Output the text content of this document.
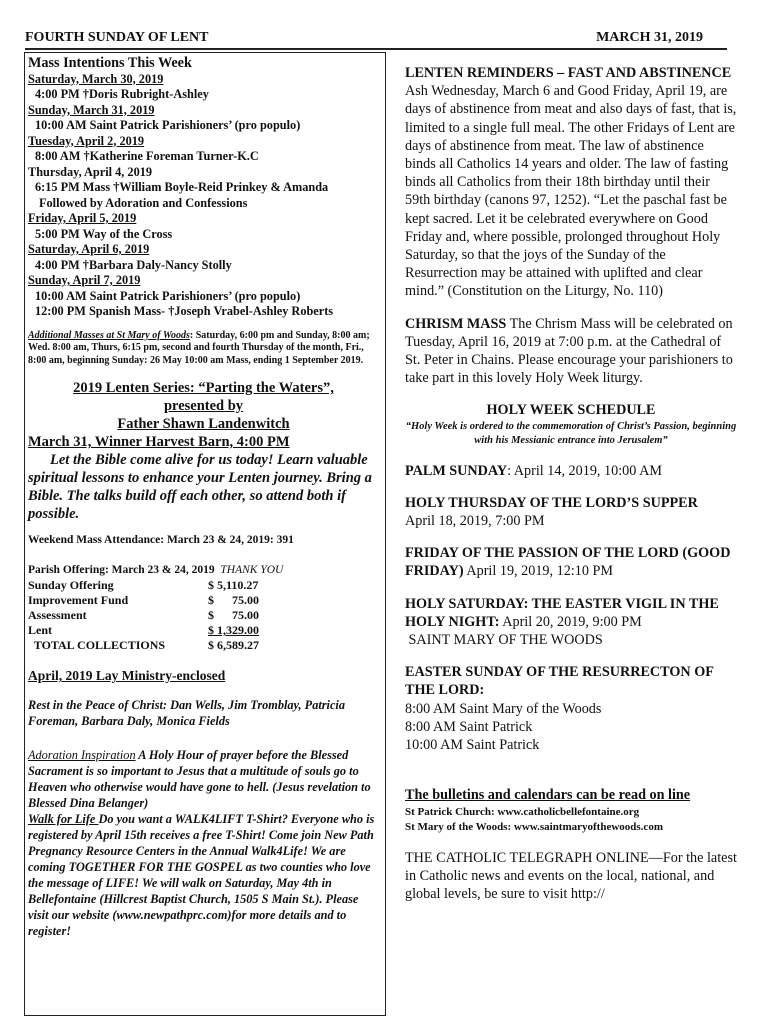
FOURTH SUNDAY OF LENT	MARCH 31, 2019
Mass Intentions This Week
Saturday, March 30, 2019
4:00 PM †Doris Rubright-Ashley
Sunday, March 31, 2019
10:00 AM Saint Patrick Parishioners’ (pro populo)
Tuesday, April 2, 2019
8:00 AM †Katherine Foreman Turner-K.C
Thursday, April 4, 2019
6:15 PM Mass †William Boyle-Reid Prinkey & Amanda
Followed by Adoration and Confessions
Friday, April 5, 2019
5:00 PM Way of the Cross
Saturday, April 6, 2019
4:00 PM †Barbara Daly-Nancy Stolly
Sunday, April 7, 2019
10:00 AM Saint Patrick Parishioners’ (pro populo)
12:00 PM Spanish Mass- †Joseph Vrabel-Ashley Roberts
Additional Masses at St Mary of Woods: Saturday, 6:00 pm and Sunday, 8:00 am; Wed. 8:00 am, Thurs, 6:15 pm, second and fourth Thursday of the month, Fri., 8:00 am, beginning Sunday: 26 May 10:00 am Mass, ending 1 September 2019.
2019 Lenten Series: “Parting the Waters”,
presented by
Father Shawn Landenwitch
March 31, Winner Harvest Barn, 4:00 PM
Let the Bible come alive for us today! Learn valuable spiritual lessons to enhance your Lenten journey. Bring a Bible. The talks build off each other, so attend both if possible.
Weekend Mass Attendance: March 23 & 24, 2019: 391
Parish Offering: March 23 & 24, 2019 THANK YOU
Sunday Offering	$ 5,110.27
Improvement Fund	$      75.00
Assessment	$      75.00
Lent	$ 1,329.00
TOTAL COLLECTIONS	$ 6,589.27
April, 2019 Lay Ministry-enclosed
Rest in the Peace of Christ: Dan Wells, Jim Tromblay, Patricia Foreman, Barbara Daly, Monica Fields
Adoration Inspiration A Holy Hour of prayer before the Blessed Sacrament is so important to Jesus that a multitude of souls go to Heaven who otherwise would have gone to hell. (Jesus revelation to Blessed Dina Belanger)
Walk for Life Do you want a WALK4LIFT T-Shirt? Everyone who is registered by April 15th receives a free T-Shirt! Come join New Path Pregnancy Resource Centers in the Annual Walk4Life! We are coming TOGETHER FOR THE GOSPEL as two counties who love the message of LIFE! We will walk on Saturday, May 4th in Bellefontaine (Hillcrest Baptist Church, 1505 S Main St.). Please visit our website (www.newpathprc.com)for more details and to register!

LENTEN REMINDERS – FAST AND ABSTINENCE Ash Wednesday, March 6 and Good Friday, April 19, are days of abstinence from meat and also days of fast, that is, limited to a single full meal. The other Fridays of Lent are days of abstinence from meat. The law of abstinence binds all Catholics 14 years and older. The law of fasting binds all Catholics from their 18th birthday until their 59th birthday (canons 97, 1252). “Let the paschal fast be kept sacred. Let it be celebrated everywhere on Good Friday and, where possible, prolonged throughout Holy Saturday, so that the joys of the Sunday of the Resurrection may be attained with uplifted and clear mind.” (Constitution on the Liturgy, No. 110)

CHRISM MASS The Chrism Mass will be celebrated on Tuesday, April 16, 2019 at 7:00 p.m. at the Cathedral of St. Peter in Chains. Please encourage your parishioners to take part in this lovely Holy Week liturgy.

HOLY WEEK SCHEDULE
“Holy Week is ordered to the commemoration of Christ’s Passion, beginning with his Messianic entrance into Jerusalem”
PALM SUNDAY: April 14, 2019, 10:00 AM
HOLY THURSDAY OF THE LORD’S SUPPER
April 18, 2019, 7:00 PM
FRIDAY OF THE PASSION OF THE LORD (GOOD FRIDAY) April 19, 2019, 12:10 PM
HOLY SATURDAY: THE EASTER VIGIL IN THE HOLY NIGHT: April 20, 2019, 9:00 PM
SAINT MARY OF THE WOODS
EASTER SUNDAY OF THE RESURRECTON OF THE LORD:
8:00 AM Saint Mary of the Woods
8:00 AM Saint Patrick
10:00 AM Saint Patrick
The bulletins and calendars can be read on line
St Patrick Church: www.catholicbellefontaine.org
St Mary of the Woods: www.saintmaryofthewoods.com
THE CATHOLIC TELEGRAPH ONLINE—For the latest in Catholic news and events on the local, national, and global levels, be sure to visit http://
